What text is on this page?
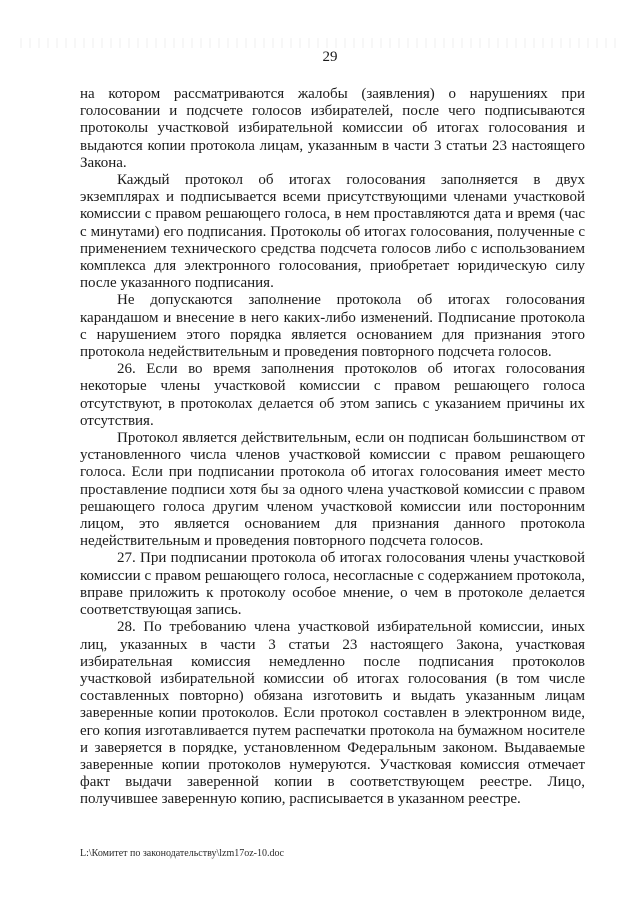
29

на котором рассматриваются жалобы (заявления) о нарушениях при голосовании и подсчете голосов избирателей, после чего подписываются протоколы участковой избирательной комиссии об итогах голосования и выдаются копии протокола лицам, указанным в части 3 статьи 23 настоящего Закона.

Каждый протокол об итогах голосования заполняется в двух экземплярах и подписывается всеми присутствующими членами участковой комиссии с правом решающего голоса, в нем проставляются дата и время (час с минутами) его подписания. Протоколы об итогах голосования, полученные с применением технического средства подсчета голосов либо с использованием комплекса для электронного голосования, приобретает юридическую силу после указанного подписания.

Не допускаются заполнение протокола об итогах голосования карандашом и внесение в него каких-либо изменений. Подписание протокола с нарушением этого порядка является основанием для признания этого протокола недействительным и проведения повторного подсчета голосов.

26. Если во время заполнения протоколов об итогах голосования некоторые члены участковой комиссии с правом решающего голоса отсутствуют, в протоколах делается об этом запись с указанием причины их отсутствия.

Протокол является действительным, если он подписан большинством от установленного числа членов участковой комиссии с правом решающего голоса. Если при подписании протокола об итогах голосования имеет место проставление подписи хотя бы за одного члена участковой комиссии с правом решающего голоса другим членом участковой комиссии или посторонним лицом, это является основанием для признания данного протокола недействительным и проведения повторного подсчета голосов.

27. При подписании протокола об итогах голосования члены участковой комиссии с правом решающего голоса, несогласные с содержанием протокола, вправе приложить к протоколу особое мнение, о чем в протоколе делается соответствующая запись.

28. По требованию члена участковой избирательной комиссии, иных лиц, указанных в части 3 статьи 23 настоящего Закона, участковая избирательная комиссия немедленно после подписания протоколов участковой избирательной комиссии об итогах голосования (в том числе составленных повторно) обязана изготовить и выдать указанным лицам заверенные копии протоколов. Если протокол составлен в электронном виде, его копия изготавливается путем распечатки протокола на бумажном носителе и заверяется в порядке, установленном Федеральным законом. Выдаваемые заверенные копии протоколов нумеруются. Участковая комиссия отмечает факт выдачи заверенной копии в соответствующем реестре. Лицо, получившее заверенную копию, расписывается в указанном реестре.

L:\Комитет по законодательству\lzm17oz-10.doc
